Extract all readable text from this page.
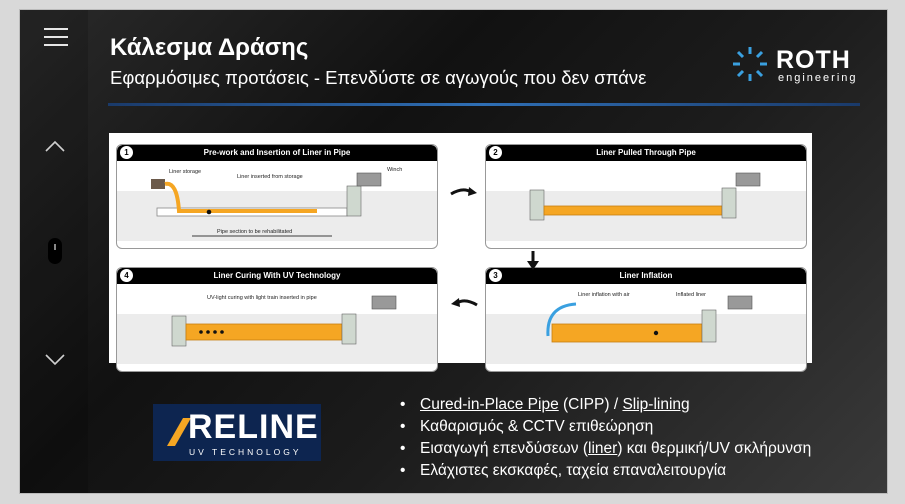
Κάλεσμα Δράσης
Εφαρμόσιμες προτάσεις - Επενδύστε σε αγωγούς που δεν σπάνε
ROTH
engineering
Pre-work and Insertion of Liner in Pipe
Liner storage
Liner inserted from storage
Winch
Pipe section to be rehabilitated
1	Liner Pulled Through Pipe
2
Liner Curing With UV Technology
UV-light curing with light train inserted in pipe
4	Liner Inflation
Liner inflation with air	Inflated liner
3
RELINE
UV TECHNOLOGY
• Cured-in-Place Pipe (CIPP) / Slip-lining
• Καθαρισμός & CCTV επιθεώρηση
• Εισαγωγή επενδύσεων (liner) και θερμική/UV σκλήρυνση
• Ελάχιστες εκσκαφές, ταχεία επαναλειτουργία
